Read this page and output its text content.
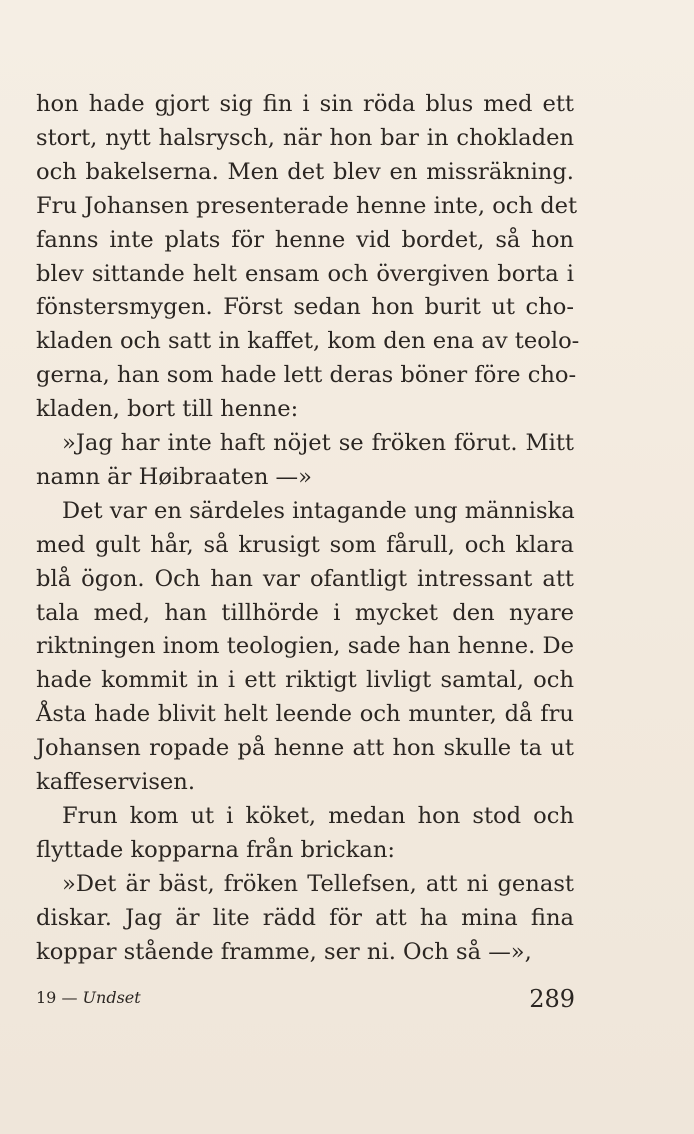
hon hade gjort sig fin i sin röda blus med ett
stort, nytt halsrysch, när hon bar in chokladen
och bakelserna. Men det blev en missräkning.
Fru Johansen presenterade henne inte, och det
fanns inte plats för henne vid bordet, så hon
blev sittande helt ensam och övergiven borta i
fönstersmygen. Först sedan hon burit ut cho-
kladen och satt in kaffet, kom den ena av teolo-
gerna, han som hade lett deras böner före cho-
kladen, bort till henne:
»Jag har inte haft nöjet se fröken förut. Mitt
namn är Høibraaten —»
Det var en särdeles intagande ung människa
med gult hår, så krusigt som fårull, och klara
blå ögon. Och han var ofantligt intressant att
tala med, han tillhörde i mycket den nyare
riktningen inom teologien, sade han henne. De
hade kommit in i ett riktigt livligt samtal, och
Åsta hade blivit helt leende och munter, då fru
Johansen ropade på henne att hon skulle ta ut
kaffeservisen.
Frun kom ut i köket, medan hon stod och
flyttade kopparna från brickan:
»Det är bäst, fröken Tellefsen, att ni genast
diskar. Jag är lite rädd för att ha mina fina
koppar stående framme, ser ni. Och så —»,
19 — Undset	289
